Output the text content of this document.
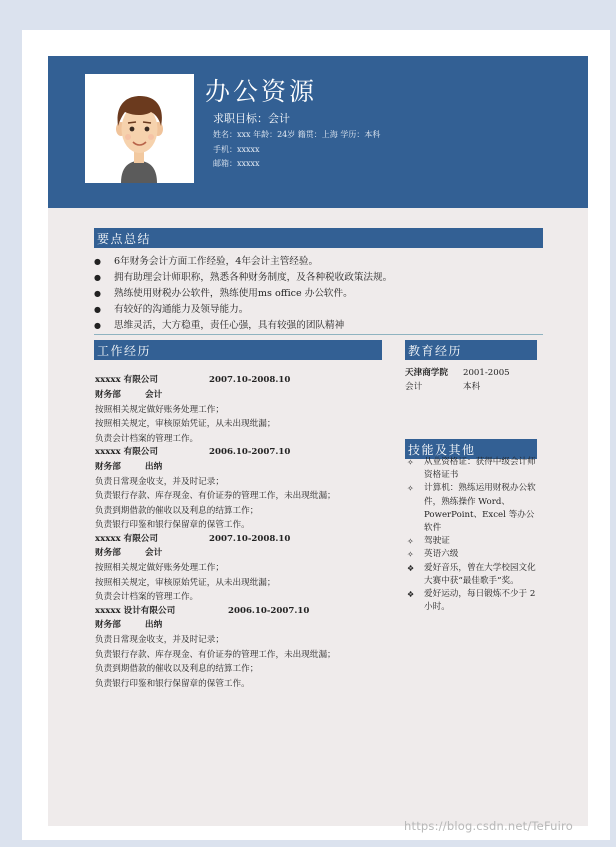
办公资源
求职目标：会计
姓名：xxx 年龄：24岁 籍贯：上海 学历：本科
手机：xxxxx
邮箱：xxxxx
要点总结
● 6年财务会计方面工作经验，4年会计主管经验。
● 拥有助理会计师职称，熟悉各种财务制度，及各种税收政策法规。
● 熟练使用财税办公软件，熟练使用ms office 办公软件。
● 有较好的沟通能力及领导能力。
● 思维灵活，大方稳重，责任心强，具有较强的团队精神
工作经历	教育经历
技能及其他
xxxxx 有限公司	2007.10-2008.10
财务部	会计
按照相关规定做好账务处理工作；
按照相关规定，审核原始凭证，从未出现纰漏；
负责会计档案的管理工作。
xxxxx 有限公司	2006.10-2007.10
财务部	出纳
负责日常现金收支，并及时记录；
负责银行存款、库存现金、有价证券的管理工作，未出现纰漏；
负责到期借款的催收以及利息的结算工作；
负责银行印鉴和银行保留章的保管工作。
xxxxx 有限公司	2007.10-2008.10
财务部	会计
按照相关规定做好账务处理工作；
按照相关规定，审核原始凭证，从未出现纰漏；
负责会计档案的管理工作。
xxxxx 设计有限公司	2006.10-2007.10
财务部	出纳
负责日常现金收支，并及时记录；
负责银行存款、库存现金、有价证券的管理工作，未出现纰漏；
负责到期借款的催收以及利息的结算工作；
负责银行印鉴和银行保留章的保管工作。
天津商学院	2001-2005
会计	本科
✧ 从业资格证：获得中级会计师资格证书
✧ 计算机：熟练运用财税办公软件，熟练操作 Word、PowerPoint、Excel 等办公软件
✧ 驾驶证
✧ 英语六级
❖ 爱好音乐，曾在大学校园文化大赛中获“最佳歌手”奖。
❖ 爱好运动，每日锻炼不少于 2 小时。
https://blog.csdn.net/TeFuiro
